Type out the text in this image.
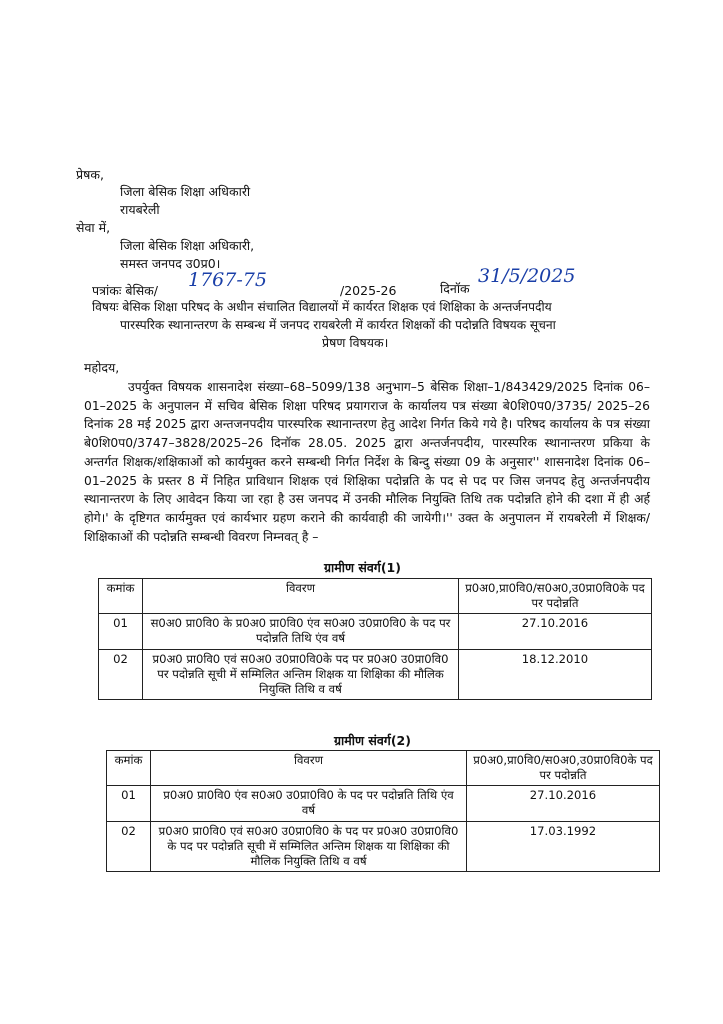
प्रेषक,
जिला बेसिक शिक्षा अधिकारी
रायबरेली
सेवा में,
जिला बेसिक शिक्षा अधिकारी,
समस्त जनपद उ0प्र0।
पत्रांकः बेसिक/ 1767-75	/2025-26	दिनॉक
31/5/2025
विषयः बेसिक शिक्षा परिषद के अधीन संचालित विद्यालयों में कार्यरत शिक्षक एवं शिक्षिका के अन्तर्जनपदीय
पारस्परिक स्थानान्तरण के सम्बन्ध में जनपद रायबरेली में कार्यरत शिक्षकों की पदोन्नति विषयक सूचना
प्रेषण विषयक।
महोदय,
उपर्युक्त विषयक शासनादेश संख्या–68–5099/138 अनुभाग–5 बेसिक शिक्षा–1/843429/2025 दिनांक 06–01–2025 के अनुपालन में सचिव बेसिक शिक्षा परिषद प्रयागराज के कार्यालय पत्र संख्या बे0शि0प0/3735/ 2025–26 दिनांक 28 मई 2025 द्वारा अन्तजनपदीय पारस्परिक स्थानान्तरण हेतु आदेश निर्गत किये गये है। परिषद कार्यालय के पत्र संख्या बे0शि0प0/3747–3828/2025–26 दिनॉक 28.05. 2025 द्वारा अन्तर्जनपदीय, पारस्परिक स्थानान्तरण प्रकिया के अन्तर्गत शिक्षक/शक्षिकाओं को कार्यमुक्त करने सम्बन्धी निर्गत निर्देश के बिन्दु संख्या 09 के अनुसार'' शासनादेश दिनांक 06–01–2025 के प्रस्तर 8 में निहित प्राविधान शिक्षक एवं शिक्षिका पदोन्नति के पद से पद पर जिस जनपद हेतु अन्तर्जनपदीय स्थानान्तरण के लिए आवेदन किया जा रहा है उस जनपद में उनकी मौलिक नियुक्ति तिथि तक पदोन्नति होने की दशा में ही अर्ह होगे।' के दृष्टिगत कार्यमुक्त एवं कार्यभार ग्रहण कराने की कार्यवाही की जायेगी।'' उक्त के अनुपालन में रायबरेली में शिक्षक/शिक्षिकाओं की पदोन्नति सम्बन्धी विवरण निम्नवत् है –
ग्रामीण संवर्ग(1)
कमांक	विवरण	प्र0अ0,प्रा0वि0/स0अ0,उ0प्रा0वि0के पद पर पदोन्नति
01	स0अ0 प्रा0वि0 के प्र0अ0 प्रा0वि0 एंव स0अ0 उ0प्रा0वि0 के पद पर पदोन्नति तिथि एंव वर्ष	27.10.2016
02	प्र0अ0 प्रा0वि0 एवं स0अ0 उ0प्रा0वि0के पद पर प्र0अ0 उ0प्रा0वि0 पर पदोन्नति सूची में सम्मिलित अन्तिम शिक्षक या शिक्षिका की मौलिक नियुक्ति तिथि व वर्ष	18.12.2010
ग्रामीण संवर्ग(2)
कमांक	विवरण	प्र0अ0,प्रा0वि0/स0अ0,उ0प्रा0वि0के पद पर पदोन्नति
01	प्र0अ0 प्रा0वि0 एंव स0अ0 उ0प्रा0वि0 के पद पर पदोन्नति तिथि एंव वर्ष	27.10.2016
02	प्र0अ0 प्रा0वि0 एवं स0अ0 उ0प्रा0वि0 के पद पर प्र0अ0 उ0प्रा0वि0 के पद पर पदोन्नति सूची में सम्मिलित अन्तिम शिक्षक या शिक्षिका की मौलिक नियुक्ति तिथि व वर्ष	17.03.1992
